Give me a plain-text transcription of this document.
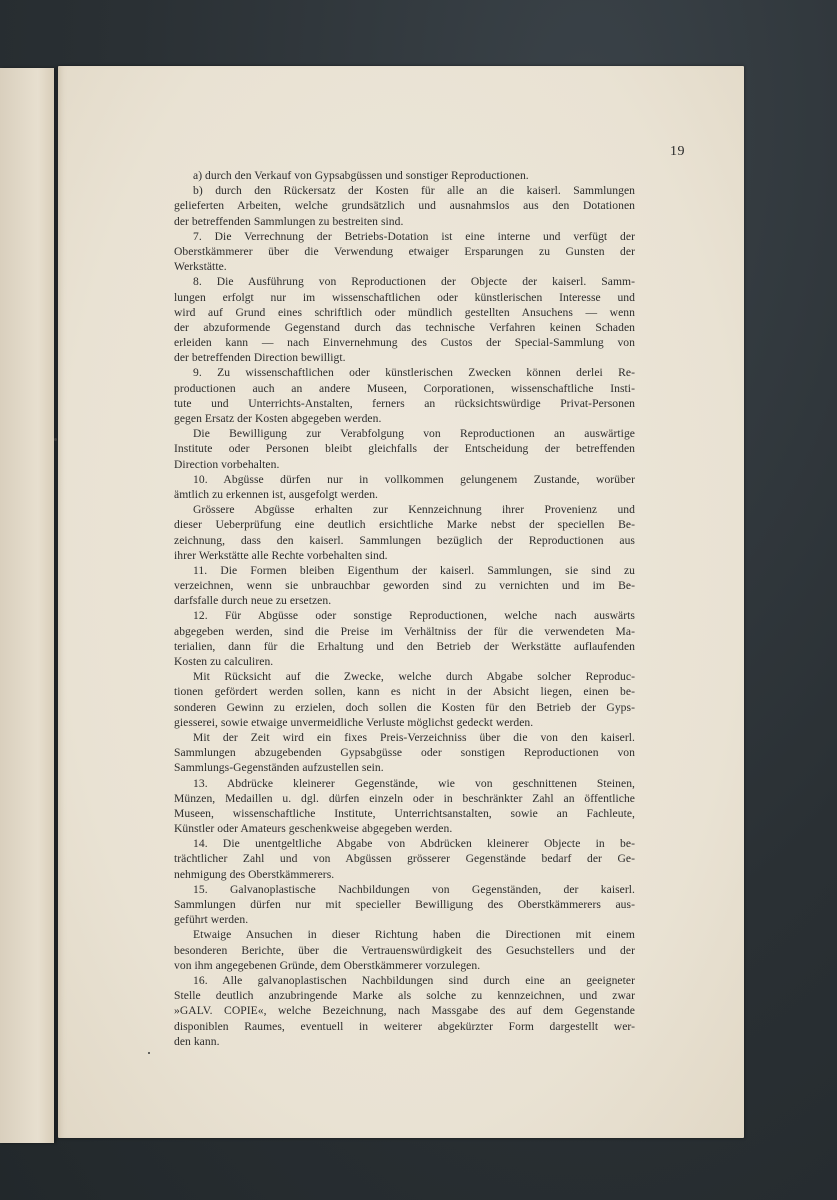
19
a) durch den Verkauf von Gypsabgüssen und sonstiger Reproductionen.
b) durch den Rückersatz der Kosten für alle an die kaiserl. Sammlungen
gelieferten Arbeiten, welche grundsätzlich und ausnahmslos aus den Dotationen
der betreffenden Sammlungen zu bestreiten sind.
7. Die Verrechnung der Betriebs-Dotation ist eine interne und verfügt der
Oberstkämmerer über die Verwendung etwaiger Ersparungen zu Gunsten der
Werkstätte.
8. Die Ausführung von Reproductionen der Objecte der kaiserl. Samm-
lungen erfolgt nur im wissenschaftlichen oder künstlerischen Interesse und
wird auf Grund eines schriftlich oder mündlich gestellten Ansuchens — wenn
der abzuformende Gegenstand durch das technische Verfahren keinen Schaden
erleiden kann — nach Einvernehmung des Custos der Special-Sammlung von
der betreffenden Direction bewilligt.
9. Zu wissenschaftlichen oder künstlerischen Zwecken können derlei Re-
productionen auch an andere Museen, Corporationen, wissenschaftliche Insti-
tute und Unterrichts-Anstalten, ferners an rücksichtswürdige Privat-Personen
gegen Ersatz der Kosten abgegeben werden.
Die Bewilligung zur Verabfolgung von Reproductionen an auswärtige
Institute oder Personen bleibt gleichfalls der Entscheidung der betreffenden
Direction vorbehalten.
10. Abgüsse dürfen nur in vollkommen gelungenem Zustande, worüber
ämtlich zu erkennen ist, ausgefolgt werden.
Grössere Abgüsse erhalten zur Kennzeichnung ihrer Provenienz und
dieser Ueberprüfung eine deutlich ersichtliche Marke nebst der speciellen Be-
zeichnung, dass den kaiserl. Sammlungen bezüglich der Reproductionen aus
ihrer Werkstätte alle Rechte vorbehalten sind.
11. Die Formen bleiben Eigenthum der kaiserl. Sammlungen, sie sind zu
verzeichnen, wenn sie unbrauchbar geworden sind zu vernichten und im Be-
darfsfalle durch neue zu ersetzen.
12. Für Abgüsse oder sonstige Reproductionen, welche nach auswärts
abgegeben werden, sind die Preise im Verhältniss der für die verwendeten Ma-
terialien, dann für die Erhaltung und den Betrieb der Werkstätte auflaufenden
Kosten zu calculiren.
Mit Rücksicht auf die Zwecke, welche durch Abgabe solcher Reproduc-
tionen gefördert werden sollen, kann es nicht in der Absicht liegen, einen be-
sonderen Gewinn zu erzielen, doch sollen die Kosten für den Betrieb der Gyps-
giesserei, sowie etwaige unvermeidliche Verluste möglichst gedeckt werden.
Mit der Zeit wird ein fixes Preis-Verzeichniss über die von den kaiserl.
Sammlungen abzugebenden Gypsabgüsse oder sonstigen Reproductionen von
Sammlungs-Gegenständen aufzustellen sein.
13. Abdrücke kleinerer Gegenstände, wie von geschnittenen Steinen,
Münzen, Medaillen u. dgl. dürfen einzeln oder in beschränkter Zahl an öffentliche
Museen, wissenschaftliche Institute, Unterrichtsanstalten, sowie an Fachleute,
Künstler oder Amateurs geschenkweise abgegeben werden.
14. Die unentgeltliche Abgabe von Abdrücken kleinerer Objecte in be-
trächtlicher Zahl und von Abgüssen grösserer Gegenstände bedarf der Ge-
nehmigung des Oberstkämmerers.
15. Galvanoplastische Nachbildungen von Gegenständen, der kaiserl.
Sammlungen dürfen nur mit specieller Bewilligung des Oberstkämmerers aus-
geführt werden.
Etwaige Ansuchen in dieser Richtung haben die Directionen mit einem
besonderen Berichte, über die Vertrauenswürdigkeit des Gesuchstellers und der
von ihm angegebenen Gründe, dem Oberstkämmerer vorzulegen.
16. Alle galvanoplastischen Nachbildungen sind durch eine an geeigneter
Stelle deutlich anzubringende Marke als solche zu kennzeichnen, und zwar
»GALV. COPIE«, welche Bezeichnung, nach Massgabe des auf dem Gegenstande
disponiblen Raumes, eventuell in weiterer abgekürzter Form dargestellt wer-
den kann.
